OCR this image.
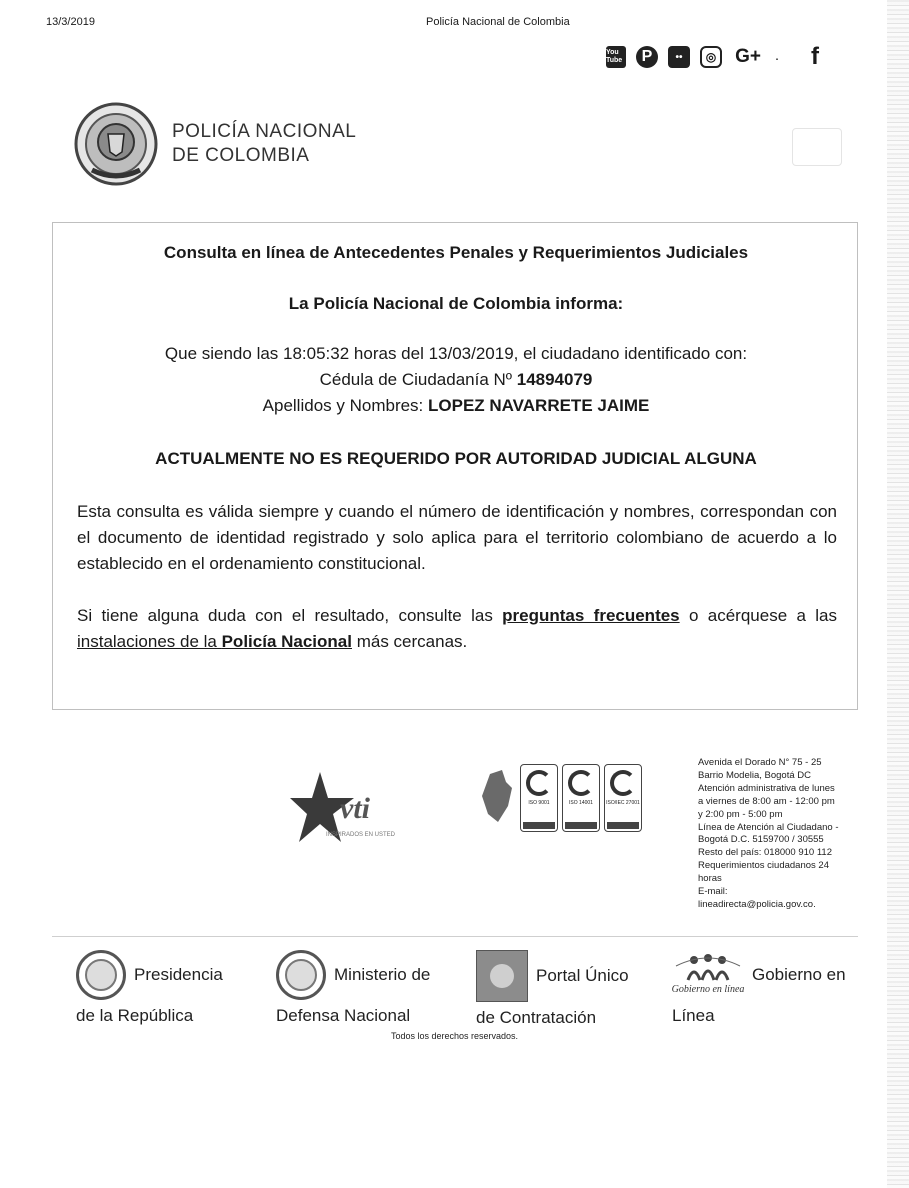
13/3/2019	Policía Nacional de Colombia
You Tube	P	••	◎ G+	. f
POLICÍA NACIONAL
DE COLOMBIA
Consulta en línea de Antecedentes Penales y Requerimientos Judiciales
La Policía Nacional de Colombia informa:
Que siendo las 18:05:32 horas del 13/03/2019, el ciudadano identificado con:
Cédula de Ciudadanía Nº 14894079
Apellidos y Nombres: LOPEZ NAVARRETE JAIME
ACTUALMENTE NO ES REQUERIDO POR AUTORIDAD JUDICIAL ALGUNA
Esta consulta es válida siempre y cuando el número de identificación y nombres, correspondan con el documento de identidad registrado y solo aplica para el territorio colombiano de acuerdo a lo establecido en el ordenamiento constitucional.
Si tiene alguna duda con el resultado, consulte las preguntas frecuentes o acérquese a las instalaciones de la Policía Nacional más cercanas.
vti
INSPIRADOS EN USTED
ISO 9001	ISO 14001	ISO/IEC 27001
Avenida el Dorado N° 75 - 25
Barrio Modelia, Bogotá DC
Atención administrativa de lunes
a viernes de 8:00 am - 12:00 pm
y 2:00 pm - 5:00 pm
Línea de Atención al Ciudadano -
Bogotá D.C. 5159700 / 30555
Resto del país: 018000 910 112
Requerimientos ciudadanos 24
horas
E-mail:
lineadirecta@policia.gov.co.
Presidencia
de la República
Ministerio de
Defensa Nacional
Portal Único
de Contratación
Gobierno en línea
Gobierno en
Línea
Todos los derechos reservados.
